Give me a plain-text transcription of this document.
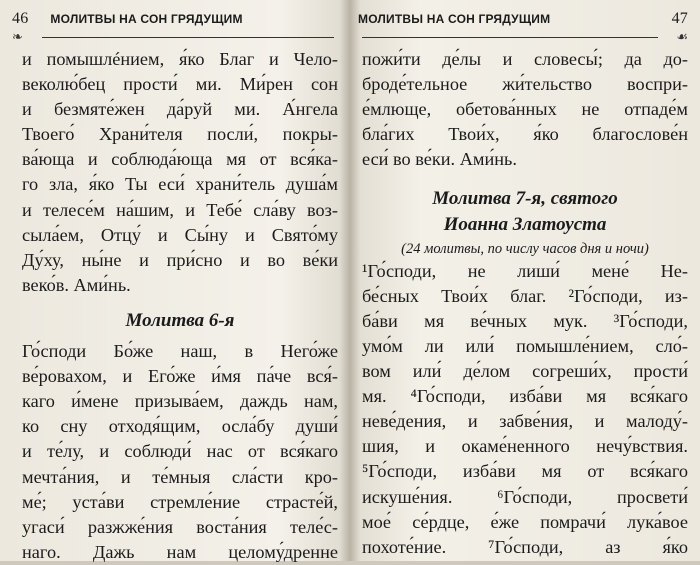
46 МОЛИТВЫ НА СОН ГРЯДУЩИМ
❧
и помышлéнием, я́ко Благ и Чело-
веколю́бец прости́ ми. Ми́рен сон
и безмяте́жен да́руй ми. А́нгела
Твоего́ Храни́теля посли́, покры-
ва́юща и соблюда́юща мя от вся́ка-
го зла, я́ко Ты еси́ храни́тель душа́м
и телесе́м на́шим, и Тебе́ сла́ву воз-
сыла́ем, Отцу́ и Сы́ну и Свято́му
Ду́ху, ны́не и при́сно и во ве́ки
веко́в. Ами́нь.
Молитва 6-я
Го́споди Бо́же наш, в Него́же
ве́ровахом, и Его́же и́мя па́че вся́-
каго и́мене призыва́ем, даждь нам,
ко сну отходя́щим, осла́бу души́
и те́лу, и соблюди́ нас от вся́каго
мечта́ния, и те́мныя сла́сти кро-
ме́; уста́ви стремле́ние страсте́й,
угаси́ разжже́ния воста́ния теле́с-
наго. Дажь нам целому́дренне
МОЛИТВЫ НА СОН ГРЯДУЩИМ	47
☙
пожи́ти де́лы и словесы́; да до-
броде́тельное жи́тельство воспри-
е́млюще, обетова́нных не отпаде́м
бла́гих Твои́х, я́ко благослове́н
еси́ во ве́ки. Ами́нь.
Молитва 7-я, святого
Иоанна Златоуста
(24 молитвы, по числу часов дня и ночи)
¹Го́споди, не лиши́ мене́ Не-
бе́сных Твои́х благ. ²Го́споди, из-
ба́ви мя ве́чных мук. ³Го́споди,
умо́м ли или́ помышле́нием, сло́-
вом или́ де́лом согреши́х, прости́
мя. ⁴Го́споди, изба́ви мя вся́каго
неве́дения, и забве́ния, и малоду́-
шия, и окаме́ненного нечу́вствия.
⁵Го́споди, изба́ви мя от вся́каго
искуше́ния. ⁶Го́споди, просвети́
мое́ се́рдце, е́же помрачи́ лука́вое
похоте́ние. ⁷Го́споди, аз я́ко
